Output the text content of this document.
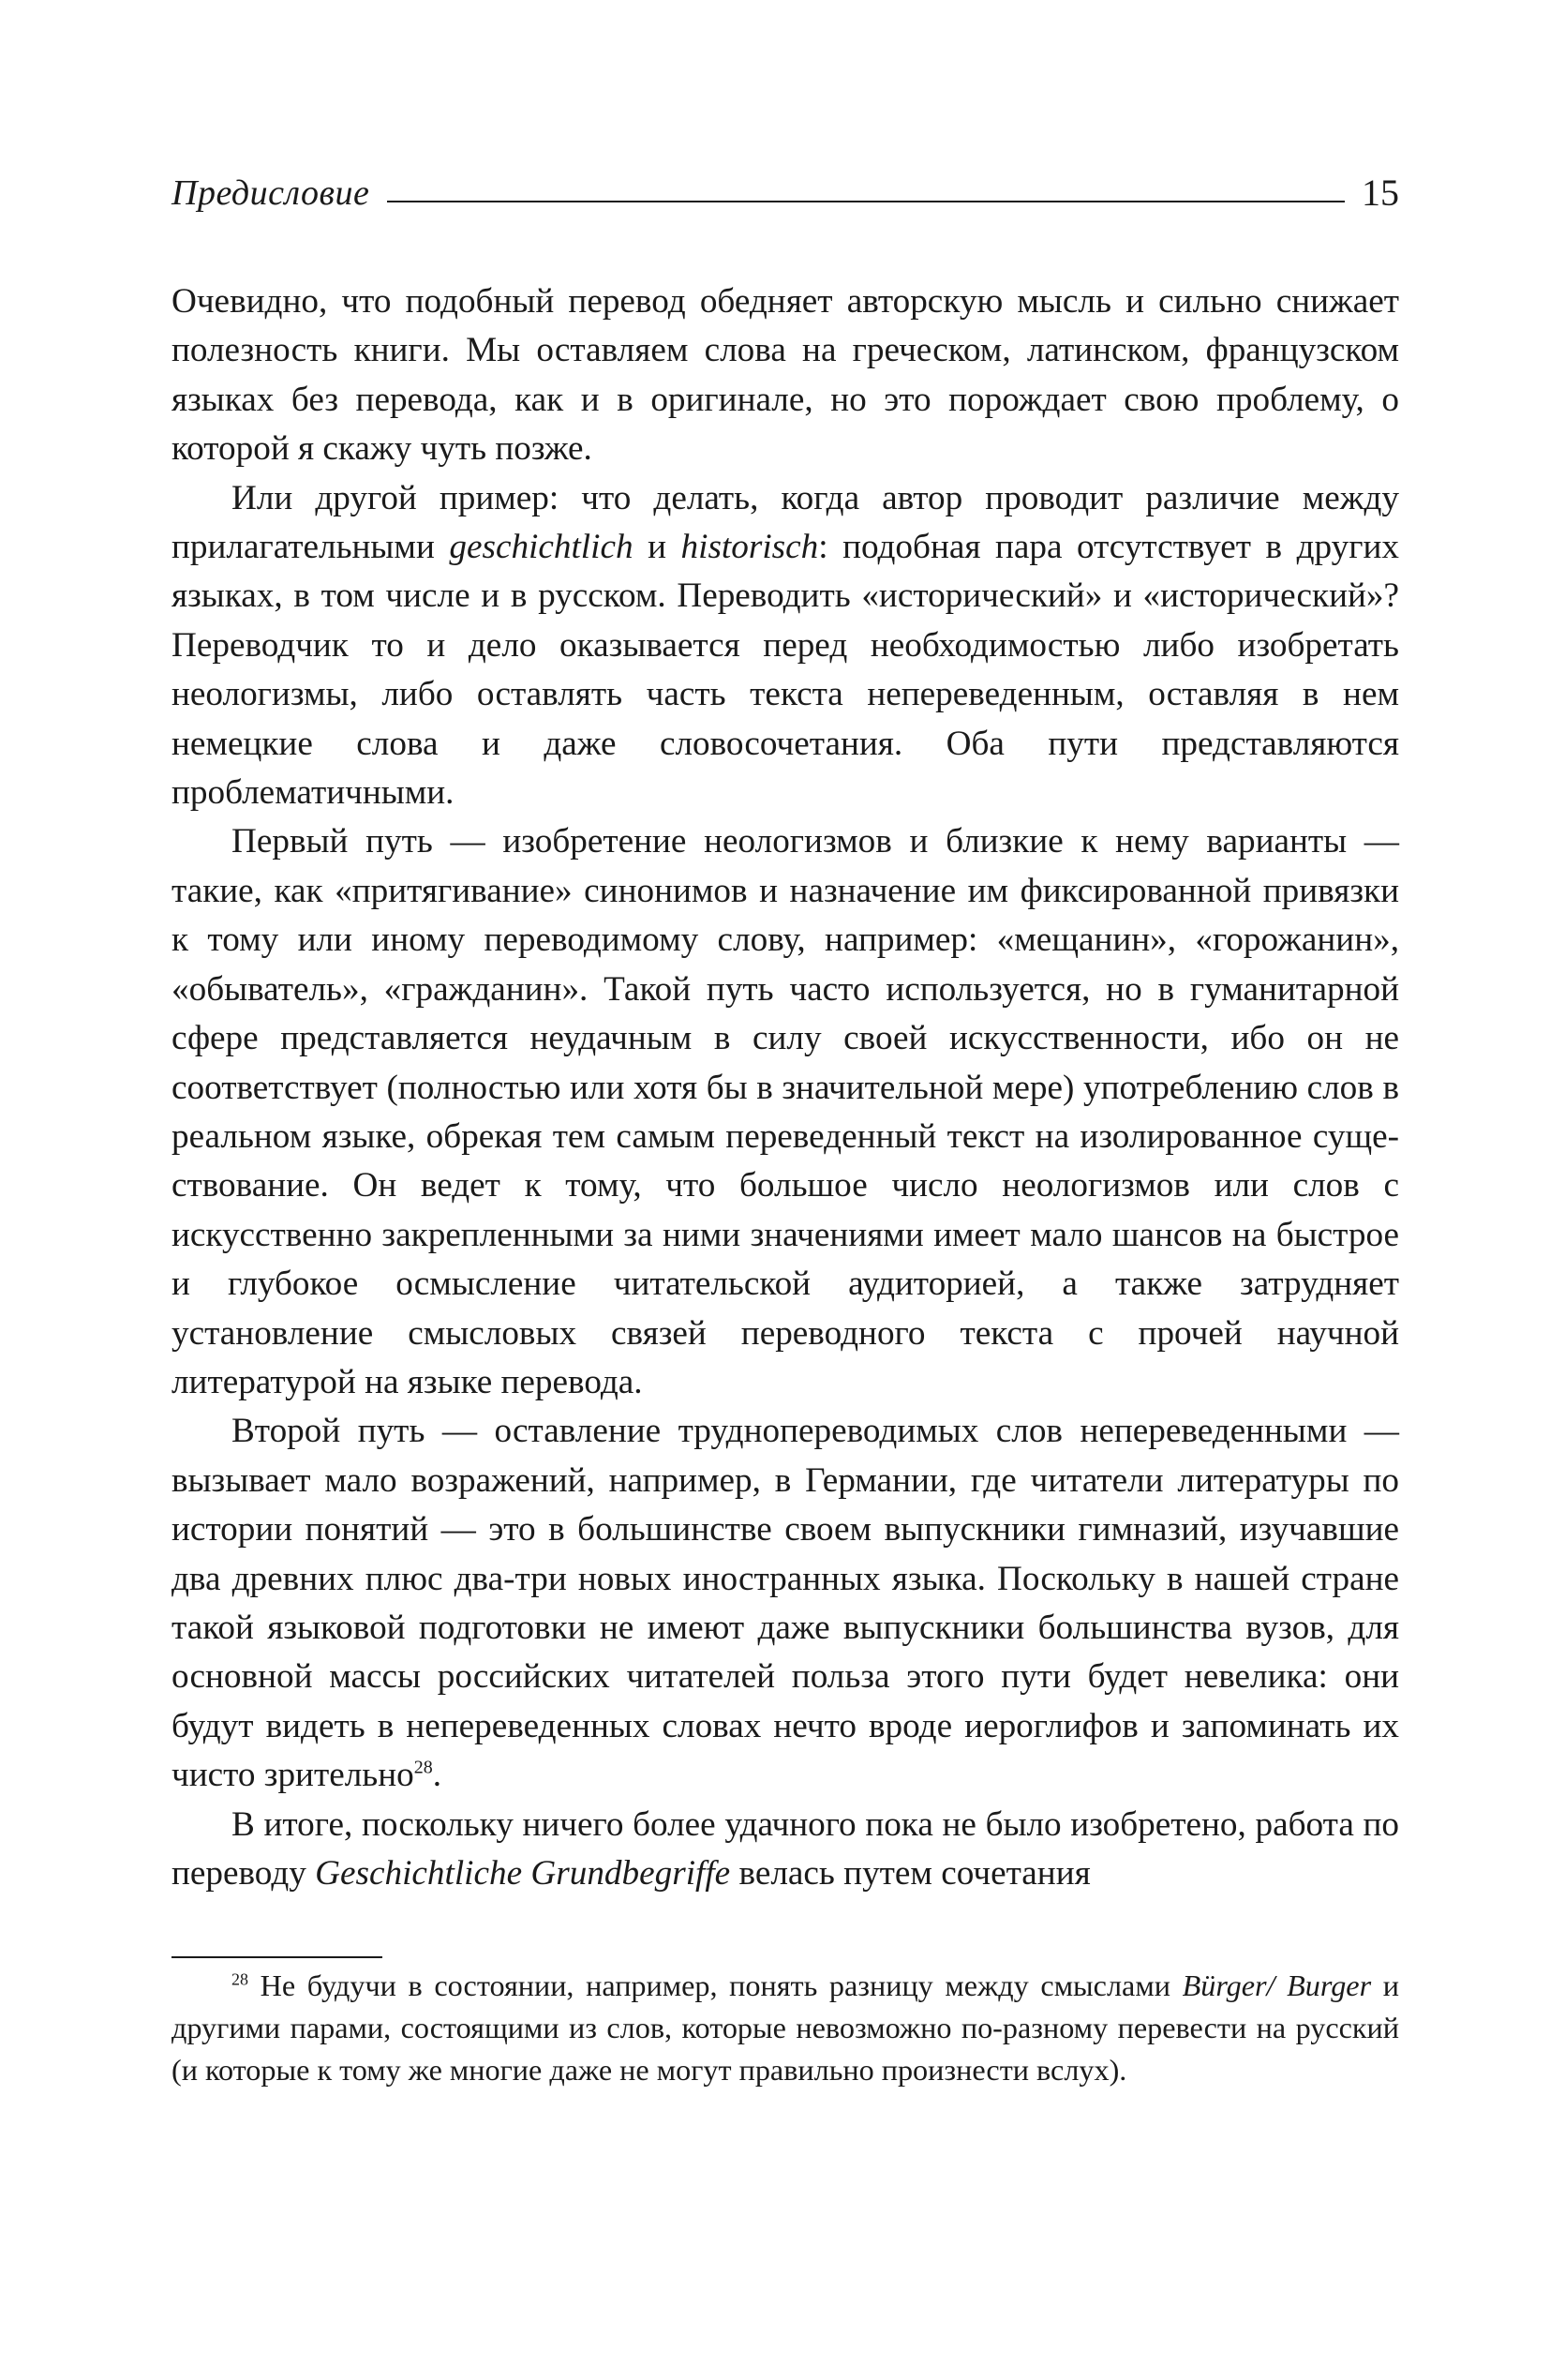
Предисловие	15

Очевидно, что подобный перевод обедняет авторскую мысль и сильно снижает полезность книги. Мы оставляем слова на греческом, латинском, французском языках без перевода, как и в оригинале, но это порождает свою проблему, о которой я скажу чуть позже.

Или другой пример: что делать, когда автор проводит различие между прилагательными geschichtlich и historisch: подобная пара отсутствует в других языках, в том числе и в русском. Переводить «исторический» и «исторический»? Переводчик то и дело оказывается перед необходимостью либо изобретать неологизмы, либо оставлять часть текста непереведенным, оставляя в нем немецкие слова и даже словосочетания. Оба пути представляются проблематичными.

Первый путь — изобретение неологизмов и близкие к нему варианты — такие, как «притягивание» синонимов и назначение им фиксированной привязки к тому или иному переводимому слову, например: «мещанин», «горожанин», «обыватель», «гражданин». Такой путь часто используется, но в гуманитарной сфере представляется неудачным в силу своей искусственности, ибо он не соответствует (полностью или хотя бы в значительной мере) употреблению слов в реальном языке, обрекая тем самым переведенный текст на изолированное существование. Он ведет к тому, что большое число неологизмов или слов с искусственно закрепленными за ними значениями имеет мало шансов на быстрое и глубокое осмысление читательской аудиторией, а также затрудняет установление смысловых связей переводного текста с прочей научной литературой на языке перевода.

Второй путь — оставление труднопереводимых слов непереведенными — вызывает мало возражений, например, в Германии, где читатели литературы по истории понятий — это в большинстве своем выпускники гимназий, изучавшие два древних плюс два-три новых иностранных языка. Поскольку в нашей стране такой языковой подготовки не имеют даже выпускники большинства вузов, для основной массы российских читателей польза этого пути будет невелика: они будут видеть в непереведенных словах нечто вроде иероглифов и запоминать их чисто зрительно$^{28}$.

В итоге, поскольку ничего более удачного пока не было изобретено, работа по переводу Geschichtliche Grundbegriffe велась путем сочетания

$^{28}$ Не будучи в состоянии, например, понять разницу между смыслами Bürger/ Burger и другими парами, состоящими из слов, которые невозможно по-разному перевести на русский (и которые к тому же многие даже не могут правильно произнести вслух).
